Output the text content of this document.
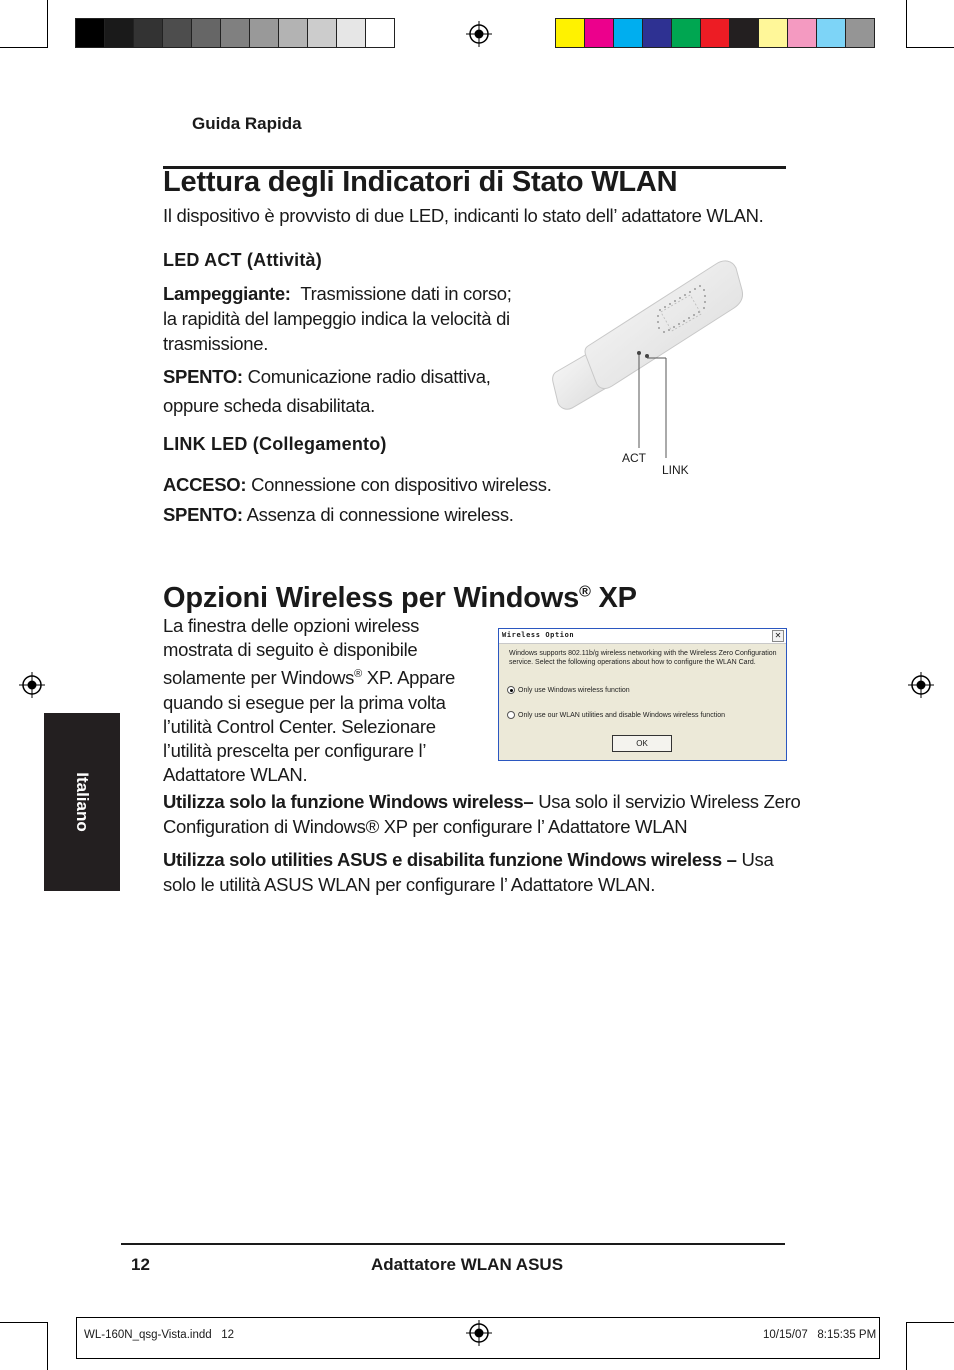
Guida Rapida
Lettura degli Indicatori di Stato WLAN
Il dispositivo è provvisto di due LED, indicanti lo stato dell’ adattatore WLAN.
LED ACT (Attività)
Lampeggiante: Trasmissione dati in corso;
la rapidità del lampeggio indica la velocità di
trasmissione.
SPENTO: Comunicazione radio disattiva,
oppure scheda disabilitata.
LINK LED (Collegamento)
ACCESO: Connessione con dispositivo wireless.
SPENTO: Assenza di connessione wireless.
ACT
LINK
Opzioni Wireless per Windows® XP
La finestra delle opzioni wireless
mostrata di seguito è disponibile
solamente per Windows® XP. Appare
quando si esegue per la prima volta
l’utilità Control Center. Selezionare
l’utilità prescelta per configurare l’
Adattatore WLAN.
Wireless Option	✕
Windows supports 802.11b/g wireless networking with the Wireless Zero Configuration
service. Select the following operations about how to configure the WLAN Card.
Only use Windows wireless function
Only use our WLAN utilities and disable Windows wireless function
OK
Utilizza solo la funzione Windows wireless– Usa solo il servizio Wireless Zero
Configuration di Windows® XP per configurare l’ Adattatore WLAN
Utilizza solo utilities ASUS e disabilita funzione Windows wireless – Usa
solo le utilità ASUS WLAN per configurare l’ Adattatore WLAN.
Italiano
12	Adattatore WLAN ASUS
WL-160N_qsg-Vista.indd   12	10/15/07   8:15:35 PM
